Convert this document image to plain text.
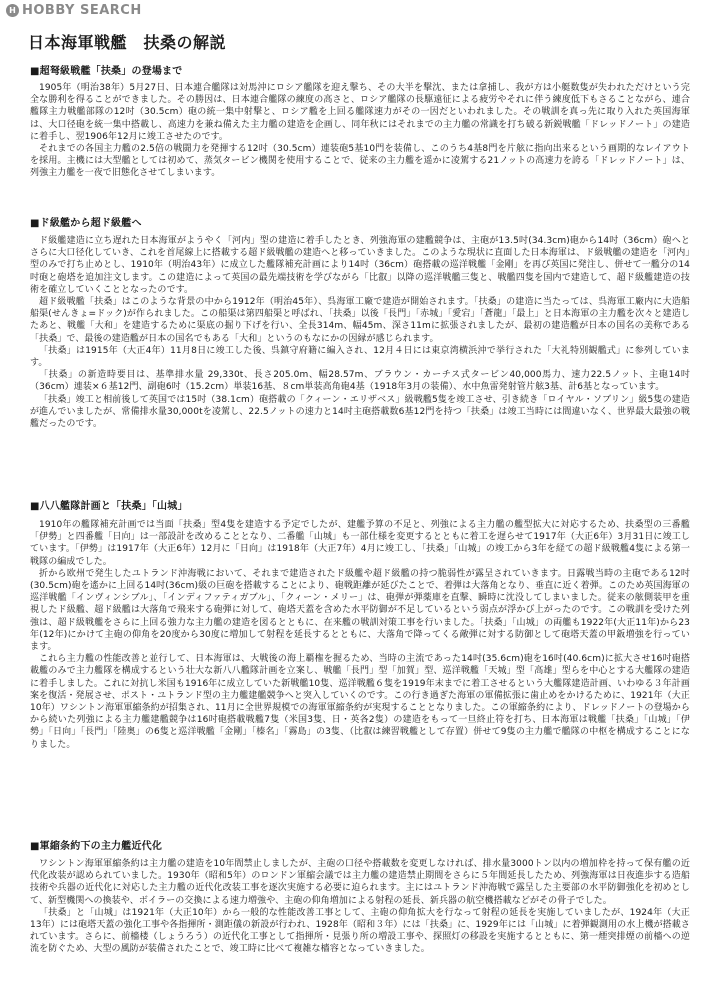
H HOBBY SEARCH
日本海軍戦艦　扶桑の解説
■超弩級戦艦「扶桑」の登場まで

1905年（明治38年）5月27日、日本連合艦隊は対馬沖にロシア艦隊を迎え撃ち、その大半を撃沈、または拿捕し、我が方は小艇数隻が失われただけという完全な勝利を得ることができました。その勝因は、日本連合艦隊の練度の高さと、ロシア艦隊の長駆遠征による疲労やそれに伴う練度低下もさることながら、連合艦隊主力戦艦部隊の12吋（30.5cm）砲の統一集中射撃と、ロシア艦を上回る艦隊速力がその一因だといわれました。その戦訓を真っ先に取り入れた英国海軍は、大口径砲を統一集中搭載し、高速力を兼ね備えた主力艦の建造を企画し、同年秋にはそれまでの主力艦の常識を打ち破る新鋭戦艦「ドレッドノート」の建造に着手し、翌1906年12月に竣工させたのです。

それまでの各国主力艦の2.5倍の戦闘力を発揮する12吋（30.5cm）連装砲5基10門を装備し、このうち4基8門を片舷に指向出来るという画期的なレイアウトを採用。主機には大型艦としては初めて、蒸気タービン機関を使用することで、従来の主力艦を遥かに凌駕する21ノットの高速力を誇る「ドレッドノート」は、列強主力艦を一夜で旧態化させてしまいます。

■ド級艦から超ド級艦へ

ド級艦建造に立ち遅れた日本海軍がようやく「河内」型の建造に着手したとき、列強海軍の建艦競争は、主砲が13.5吋(34.3cm)砲から14吋（36cm）砲へとさらに大口径化していき、これを首尾線上に搭載する超ド級戦艦の建造へと移っていきました。このような現状に直面した日本海軍は、ド級戦艦の建造を「河内」型のみで打ち止めとし、1910年（明治43年）に成立した艦隊補充計画により14吋（36cm）砲搭載の巡洋戦艦「金剛」を再び英国に発注し、併せて一艦分の14吋砲と砲塔を追加注文します。この建造によって英国の最先端技術を学びながら「比叡」以降の巡洋戦艦三隻と、戦艦四隻を国内で建造して、超ド級艦建造の技術を確立していくこととなったのです。

超ド級戦艦「扶桑」はこのような背景の中から1912年（明治45年）、呉海軍工廠で建造が開始されます。「扶桑」の建造に当たっては、呉海軍工廠内に大造船船渠(せんきょ=ドック)が作られました。この船渠は第四船渠と呼ばれ、「扶桑」以後「長門」「赤城」「愛宕」「蒼龍」「最上」と日本海軍の主力艦を次々と建造したあと、戦艦「大和」を建造するために渠底の掘り下げを行い、全長314m、幅45m、深さ11mに拡張されましたが、最初の建造艦が日本の国名の美称である「扶桑」で、最後の建造艦が日本の国名でもある「大和」というのもなにかの因縁が感じられます。

「扶桑」は1915年（大正4年）11月8日に竣工した後、呉鎮守府籍に編入され、12月４日には東京湾横浜沖で挙行された「大礼特別観艦式」に参列しています。

「扶桑」の新造時要目は、基準排水量 29,330t、長さ205.0m、幅28.57m、ブラウン・カーチス式タービン40,000馬力、速力22.5ノット、主砲14吋（36cm）連装×６基12門、副砲6吋（15.2cm）単装16基、８cm単装高角砲4基（1918年3月の装備）、水中魚雷発射管片舷3基、計6基となっています。

「扶桑」竣工と相前後して英国では15吋（38.1cm）砲搭載の「クィーン・エリザベス」級戦艦5隻を竣工させ、引き続き「ロイヤル・ソブリン」級5隻の建造が進んでいましたが、常備排水量30,000tを凌駕し、22.5ノットの速力と14吋主砲搭載数6基12門を持つ「扶桑」は竣工当時には間違いなく、世界最大最強の戦艦だったのです。

■八八艦隊計画と「扶桑」「山城」

1910年の艦隊補充計画では当面「扶桑」型4隻を建造する予定でしたが、建艦予算の不足と、列強による主力艦の艦型拡大に対応するため、扶桑型の三番艦「伊勢」と四番艦「日向」は一部設計を改めることとなり、二番艦「山城」も一部仕様を変更するとともに着工を遅らせて1917年（大正6年）3月31日に竣工しています。「伊勢」は1917年（大正6年）12月に「日向」は1918年（大正7年）4月に竣工し、「扶桑」「山城」の竣工から3年を経ての超ド級戦艦4隻による第一戦隊の編成でした。

折から欧州で発生したユトランド沖海戦において、それまで建造されたド級艦や超ド級艦の持つ脆弱性が露呈されていきます。日露戦当時の主砲である12吋(30.5cm)砲を遙かに上回る14吋(36cm)級の巨砲を搭載することにより、砲戦距離が延びたことで、着弾は大落角となり、垂直に近く着弾。このため英国海軍の巡洋戦艦「インヴィンシブル」、「インディファティガブル」、「クィーン・メリー」は、砲弾が弾薬庫を直撃、瞬時に沈没してしまいました。従来の舷側装甲を重視したド級艦、超ド級艦は大落角で飛来する砲弾に対して、砲塔天蓋を含めた水平防御が不足しているという弱点が浮かび上がったのです。この戦訓を受けた列強は、超ド級戦艦をさらに上回る強力な主力艦の建造を図るとともに、在来艦の戦訓対策工事を行いました。「扶桑」「山城」の両艦も1922年(大正11年)から23年(12年)にかけて主砲の仰角を20度から30度に増加して射程を延長するとともに、大落角で降ってくる敵弾に対する防御として砲塔天蓋の甲鈑増強を行っています。

これら主力艦の性能改善と並行して、日本海軍は、大戦後の海上覇権を握るため、当時の主流であった14吋(35.6cm)砲を16吋(40.6cm)に拡大させ16吋砲搭載艦のみで主力艦隊を構成するという壮大な新八八艦隊計画を立案し、戦艦「長門」型「加賀」型、巡洋戦艦「天城」型「高雄」型らを中心とする大艦隊の建造に着手しました。これに対抗し米国も1916年に成立していた新戦艦10隻、巡洋戦艦６隻を1919年末までに着工させるという大艦隊建造計画、いわゆる３年計画案を復活・発展させ、ポスト・ユトランド型の主力艦建艦競争へと突入していくのです。この行き過ぎた海軍の軍備拡張に歯止めをかけるために、1921年（大正10年）ワシントン海軍軍縮条約が招集され、11月に全世界規模での海軍軍縮条約が実現することとなりました。この軍縮条約により、ドレッドノートの登場からから続いた列強による主力艦建艦競争は16吋砲搭載戦艦7隻（米国3隻、日・英各2隻）の建造をもって一旦終止符を打ち、日本海軍は戦艦「扶桑」「山城」「伊勢」「日向」「長門」「陸奥」の6隻と巡洋戦艦「金剛」「榛名」「霧島」の3隻、（比叡は練習戦艦として存置）併せて9隻の主力艦で艦隊の中枢を構成することになりました。

■軍縮条約下の主力艦近代化

ワシントン海軍軍縮条約は主力艦の建造を10年間禁止しましたが、主砲の口径や搭載数を変更しなければ、排水量3000トン以内の増加枠を持って保有艦の近代化改装が認められていました。1930年（昭和5年）のロンドン軍縮会議では主力艦の建造禁止期間をさらに５年間延長したため、列強海軍は日夜進歩する造船技術や兵器の近代化に対応した主力艦の近代化改装工事を逐次実施する必要に迫られます。主にはユトランド沖海戦で露呈した主要部の水平防御強化を初めとして、新型機関への換装や、ボイラーの交換による速力増強や、主砲の仰角増加による射程の延長、新兵器の航空機搭載などがその骨子でした。

「扶桑」と「山城」は1921年（大正10年）から一般的な性能改善工事として、主砲の仰角拡大を行なって射程の延長を実施していましたが、1924年（大正13年）には砲塔天蓋の強化工事や各指揮所・測距儀の新設が行われ、1928年（昭和３年）には「扶桑」に、1929年には「山城」に着弾観測用の水上機が搭載されています。さらに、前檣楼（しょうろう）の近代化工事として指揮所・見張り所の増設工事や、探照灯の移設を実施するとともに、第一煙突排煙の前檣への逆流を防ぐため、大型の風防が装備されたことで、竣工時に比べて複雑な檣容となっていきました。
